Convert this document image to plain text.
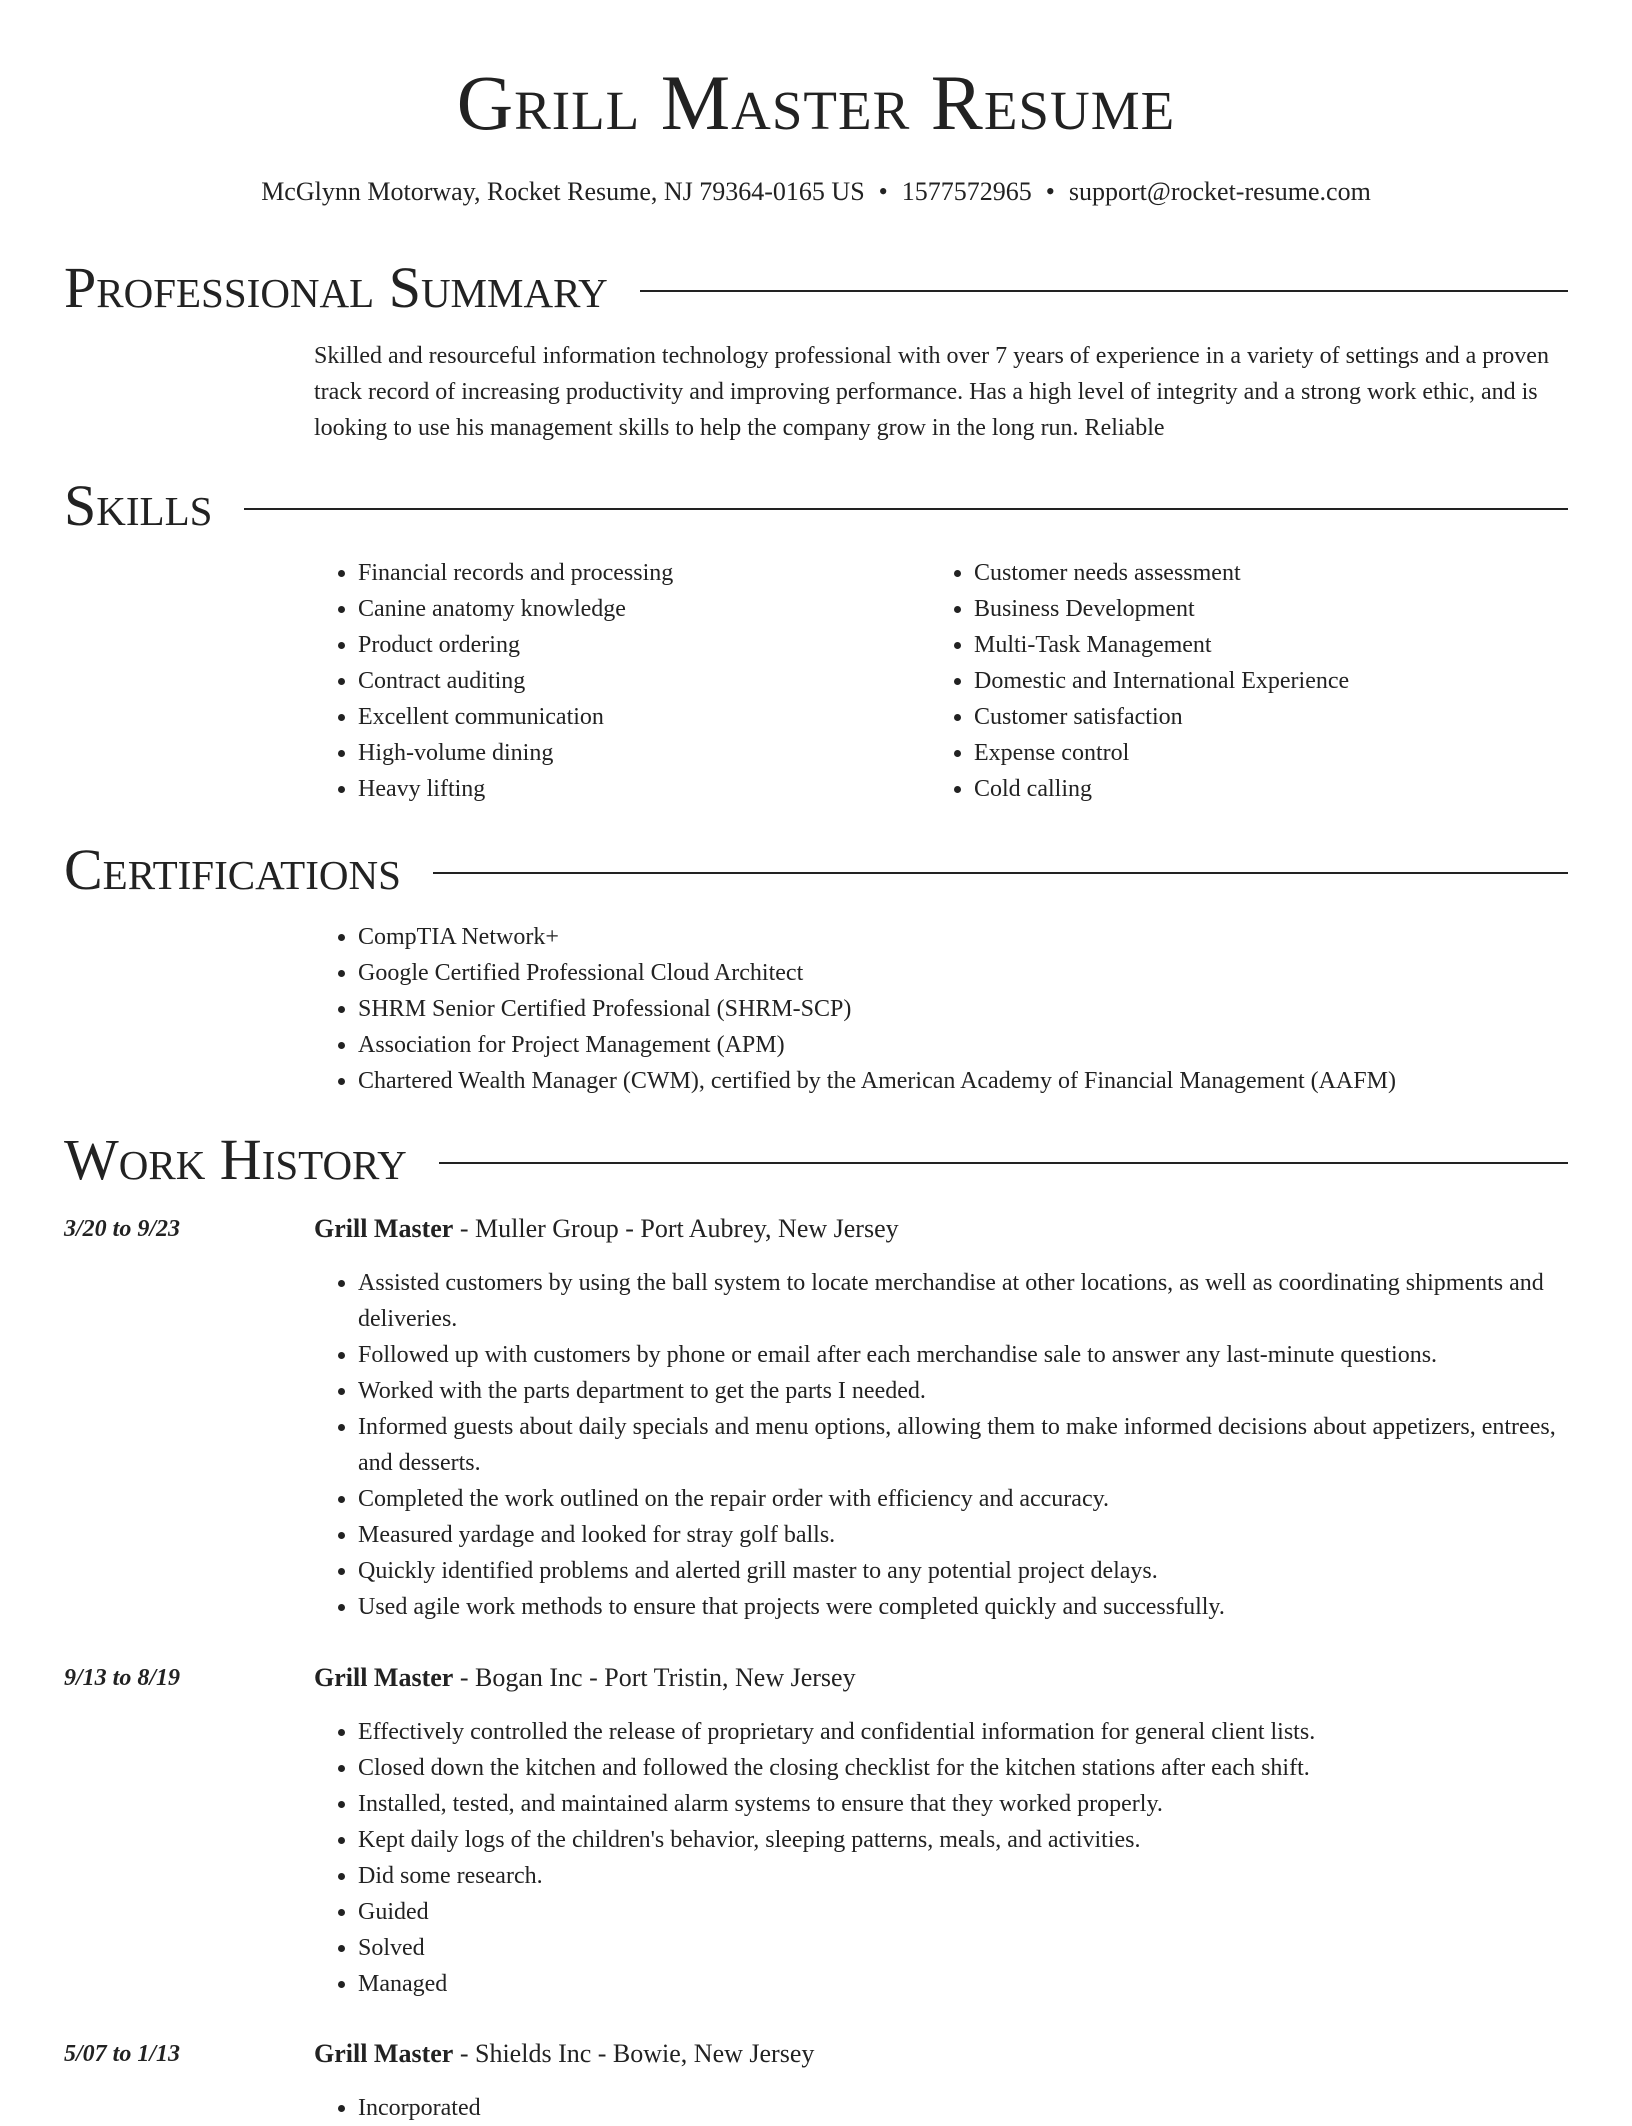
Grill Master Resume
McGlynn Motorway, Rocket Resume, NJ 79364-0165 US • 1577572965 • support@rocket-resume.com
Professional Summary

Skilled and resourceful information technology professional with over 7 years of experience in a variety of settings and a proven track record of increasing productivity and improving performance. Has a high level of integrity and a strong work ethic, and is looking to use his management skills to help the company grow in the long run. Reliable

Skills
• Financial records and processing
• Canine anatomy knowledge
• Product ordering
• Contract auditing
• Excellent communication
• High-volume dining
• Heavy lifting
• Customer needs assessment
• Business Development
• Multi-Task Management
• Domestic and International Experience
• Customer satisfaction
• Expense control
• Cold calling
Certifications
• CompTIA Network+
• Google Certified Professional Cloud Architect
• SHRM Senior Certified Professional (SHRM-SCP)
• Association for Project Management (APM)
• Chartered Wealth Manager (CWM), certified by the American Academy of Financial Management (AAFM)
Work History
3/20 to 9/23	Grill Master - Muller Group - Port Aubrey, New Jersey
• Assisted customers by using the ball system to locate merchandise at other locations, as well as coordinating shipments and deliveries.
• Followed up with customers by phone or email after each merchandise sale to answer any last-minute questions.
• Worked with the parts department to get the parts I needed.
• Informed guests about daily specials and menu options, allowing them to make informed decisions about appetizers, entrees, and desserts.
• Completed the work outlined on the repair order with efficiency and accuracy.
• Measured yardage and looked for stray golf balls.
• Quickly identified problems and alerted grill master to any potential project delays.
• Used agile work methods to ensure that projects were completed quickly and successfully.
9/13 to 8/19	Grill Master - Bogan Inc - Port Tristin, New Jersey
• Effectively controlled the release of proprietary and confidential information for general client lists.
• Closed down the kitchen and followed the closing checklist for the kitchen stations after each shift.
• Installed, tested, and maintained alarm systems to ensure that they worked properly.
• Kept daily logs of the children's behavior, sleeping patterns, meals, and activities.
• Did some research.
• Guided
• Solved
• Managed
5/07 to 1/13	Grill Master - Shields Inc - Bowie, New Jersey
• Incorporated
